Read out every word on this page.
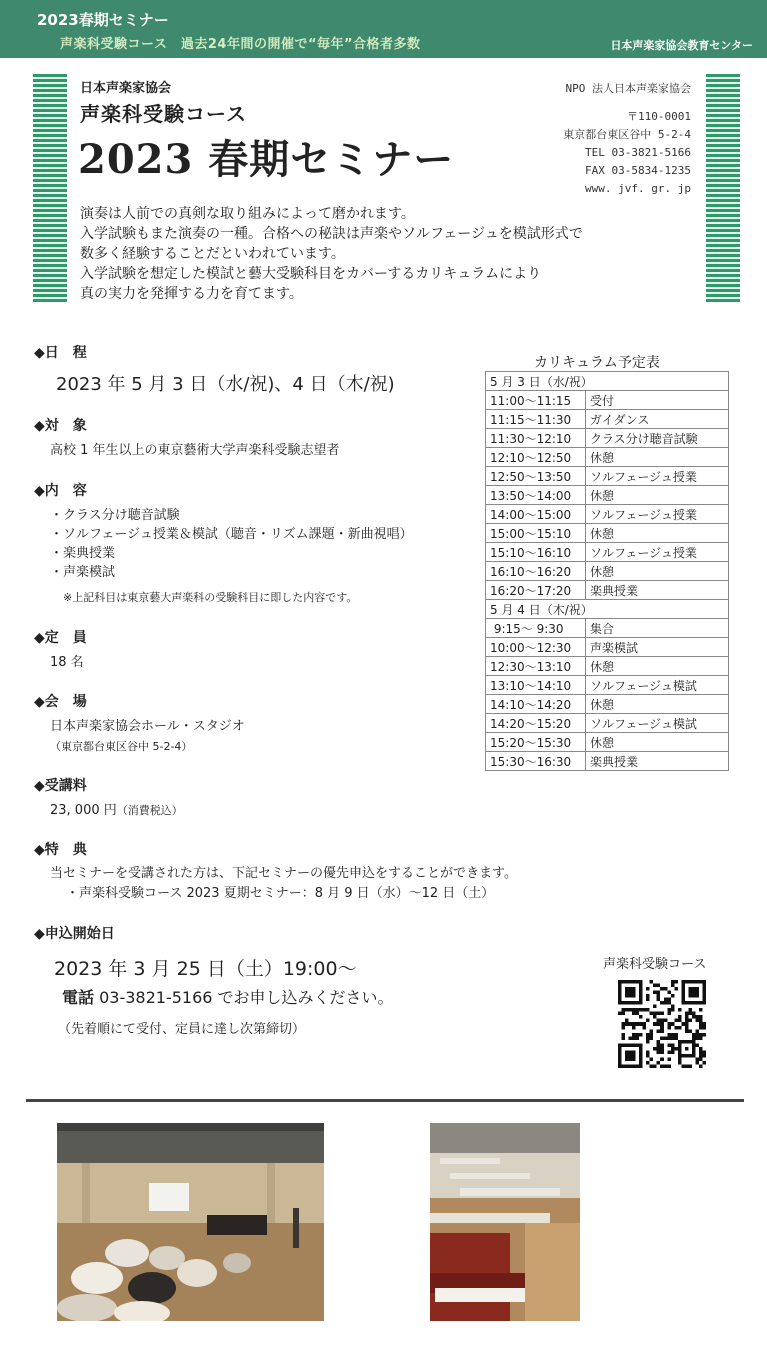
2023春期セミナー
声楽科受験コース　過去24年間の開催で“毎年”合格者多数	日本声楽家協会教育センター
日本声楽家協会
声楽科受験コース
2023 春期セミナー
NPO 法人日本声楽家協会
〒110-0001
東京都台東区谷中 5-2-4
TEL 03-3821-5166
FAX 03-5834-1235
www. jvf. gr. jp
演奏は人前での真剣な取り組みによって磨かれます。
入学試験もまた演奏の一種。合格への秘訣は声楽やソルフェージュを模試形式で
数多く経験することだといわれています。
入学試験を想定した模試と藝大受験科目をカバーするカリキュラムにより
真の実力を発揮する力を育てます。
◆日　程
2023 年 5 月 3 日（水/祝)、4 日（木/祝)
◆対　象
高校 1 年生以上の東京藝術大学声楽科受験志望者
◆内　容
・クラス分け聴音試験
・ソルフェージュ授業＆模試（聴音・リズム課題・新曲視唱）
・楽典授業
・声楽模試
※上記科目は東京藝大声楽科の受験科目に即した内容です。
◆定　員
18 名
◆会　場
日本声楽家協会ホール・スタジオ
（東京都台東区谷中 5-2-4）
◆受講料
23, 000 円（消費税込）
◆特　典
当セミナーを受講された方は、下記セミナーの優先申込をすることができます。
・声楽科受験コース 2023 夏期セミナー：8 月 9 日（水）～12 日（土）
◆申込開始日
2023 年 3 月 25 日（土）19:00～
電話 03-3821-5166 でお申し込みください。
（先着順にて受付、定員に達し次第締切）
カリキュラム予定表
5 月 3 日（水/祝）	
11:00～11:15	受付
11:15～11:30	ガイダンス
11:30～12:10	クラス分け聴音試験
12:10～12:50	休憩
12:50～13:50	ソルフェージュ授業
13:50～14:00	休憩
14:00～15:00	ソルフェージュ授業
15:00～15:10	休憩
15:10～16:10	ソルフェージュ授業
16:10～16:20	休憩
16:20～17:20	楽典授業
5 月 4 日（木/祝）	
9:15～ 9:30	集合
10:00～12:30	声楽模試
12:30～13:10	休憩
13:10～14:10	ソルフェージュ模試
14:10～14:20	休憩
14:20～15:20	ソルフェージュ模試
15:20～15:30	休憩
15:30～16:30	楽典授業
声楽科受験コース
